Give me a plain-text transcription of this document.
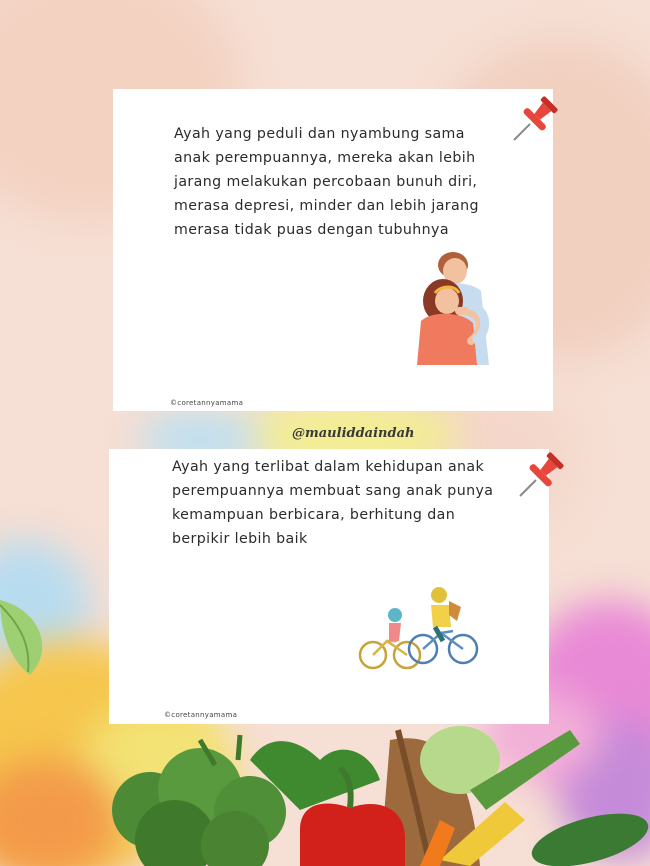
Ayah yang peduli dan nyambung sama
anak perempuannya, mereka akan lebih
jarang melakukan percobaan bunuh diri,
merasa depresi, minder dan lebih jarang
merasa tidak puas dengan tubuhnya

©coretannyamama
@mauliddaindah

Ayah yang terlibat dalam kehidupan anak
perempuannya membuat sang anak punya
kemampuan berbicara, berhitung dan
berpikir lebih baik

©coretannyamama
